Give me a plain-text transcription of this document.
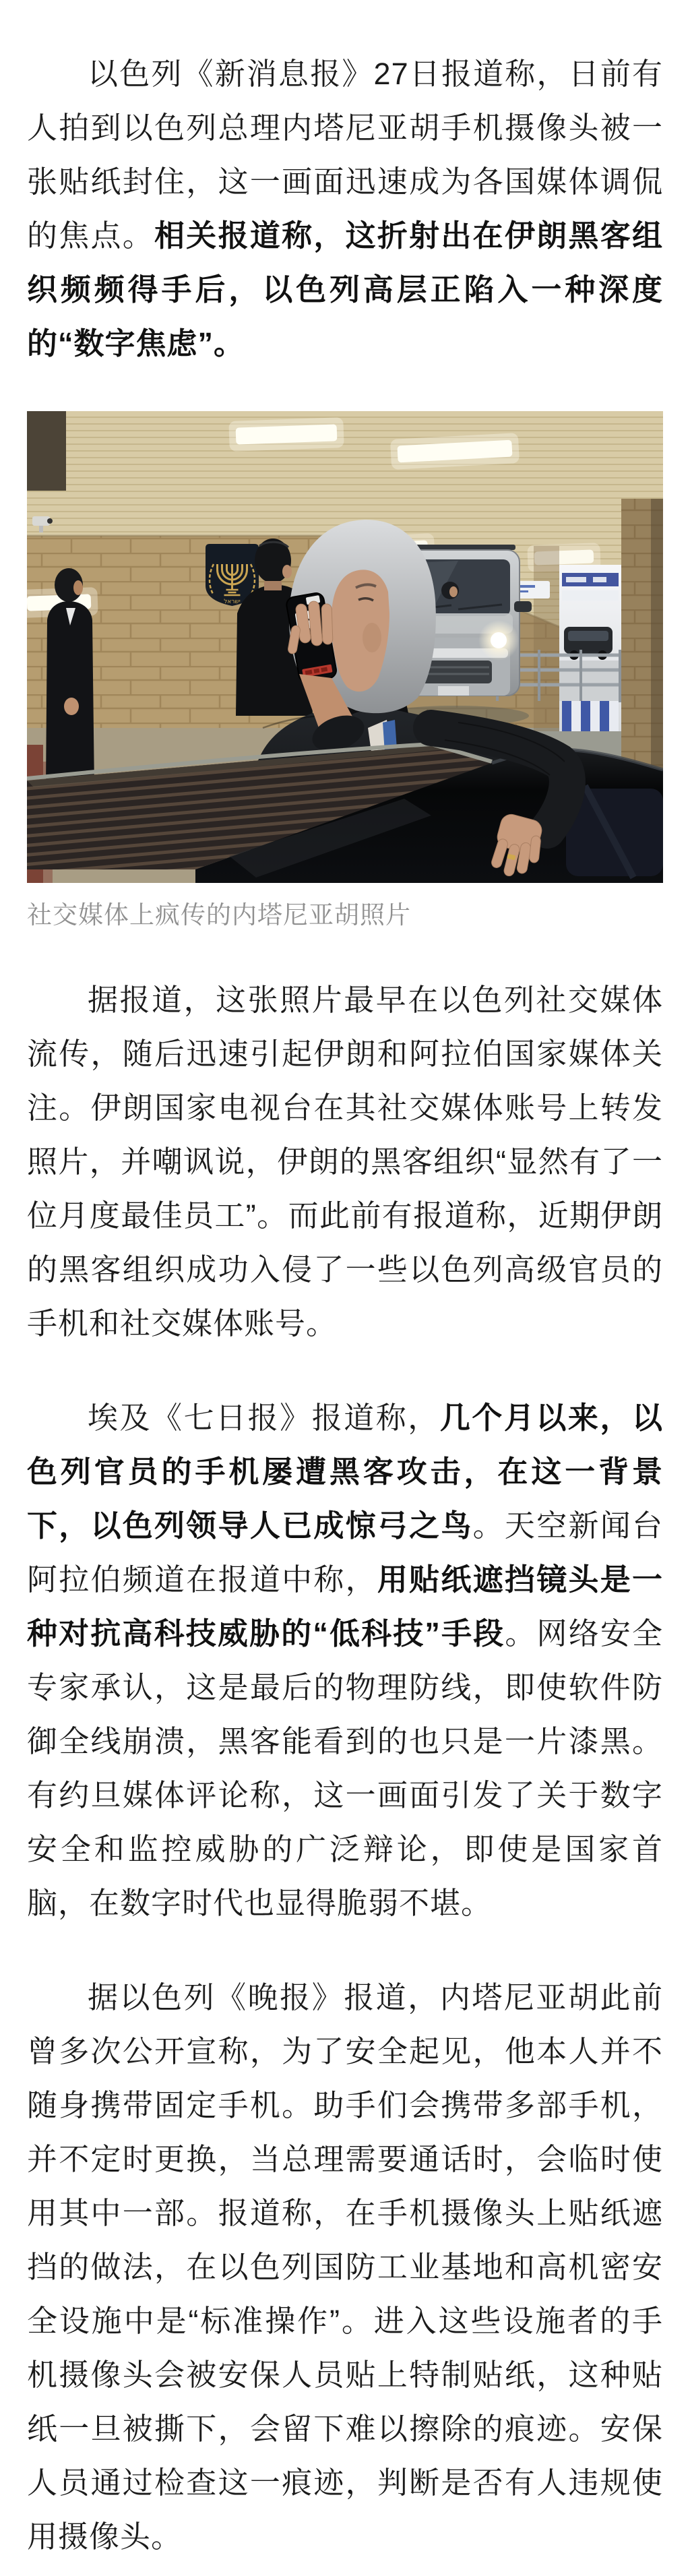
以色列《新消息报》27日报道称，日前有人拍到以色列总理内塔尼亚胡手机摄像头被一张贴纸封住，这一画面迅速成为各国媒体调侃的焦点。相关报道称，这折射出在伊朗黑客组织频频得手后，以色列高层正陷入一种深度的“数字焦虑”。

ישראל
社交媒体上疯传的内塔尼亚胡照片

据报道，这张照片最早在以色列社交媒体流传，随后迅速引起伊朗和阿拉伯国家媒体关注。伊朗国家电视台在其社交媒体账号上转发照片，并嘲讽说，伊朗的黑客组织“显然有了一位月度最佳员工”。而此前有报道称，近期伊朗的黑客组织成功入侵了一些以色列高级官员的手机和社交媒体账号。

埃及《七日报》报道称，几个月以来，以色列官员的手机屡遭黑客攻击，在这一背景下，以色列领导人已成惊弓之鸟。天空新闻台阿拉伯频道在报道中称，用贴纸遮挡镜头是一种对抗高科技威胁的“低科技”手段。网络安全专家承认，这是最后的物理防线，即使软件防御全线崩溃，黑客能看到的也只是一片漆黑。有约旦媒体评论称，这一画面引发了关于数字安全和监控威胁的广泛辩论，即使是国家首脑，在数字时代也显得脆弱不堪。

据以色列《晚报》报道，内塔尼亚胡此前曾多次公开宣称，为了安全起见，他本人并不随身携带固定手机。助手们会携带多部手机，并不定时更换，当总理需要通话时，会临时使用其中一部。报道称，在手机摄像头上贴纸遮挡的做法，在以色列国防工业基地和高机密安全设施中是“标准操作”。进入这些设施者的手机摄像头会被安保人员贴上特制贴纸，这种贴纸一旦被撕下，会留下难以擦除的痕迹。安保人员通过检查这一痕迹，判断是否有人违规使用摄像头。
